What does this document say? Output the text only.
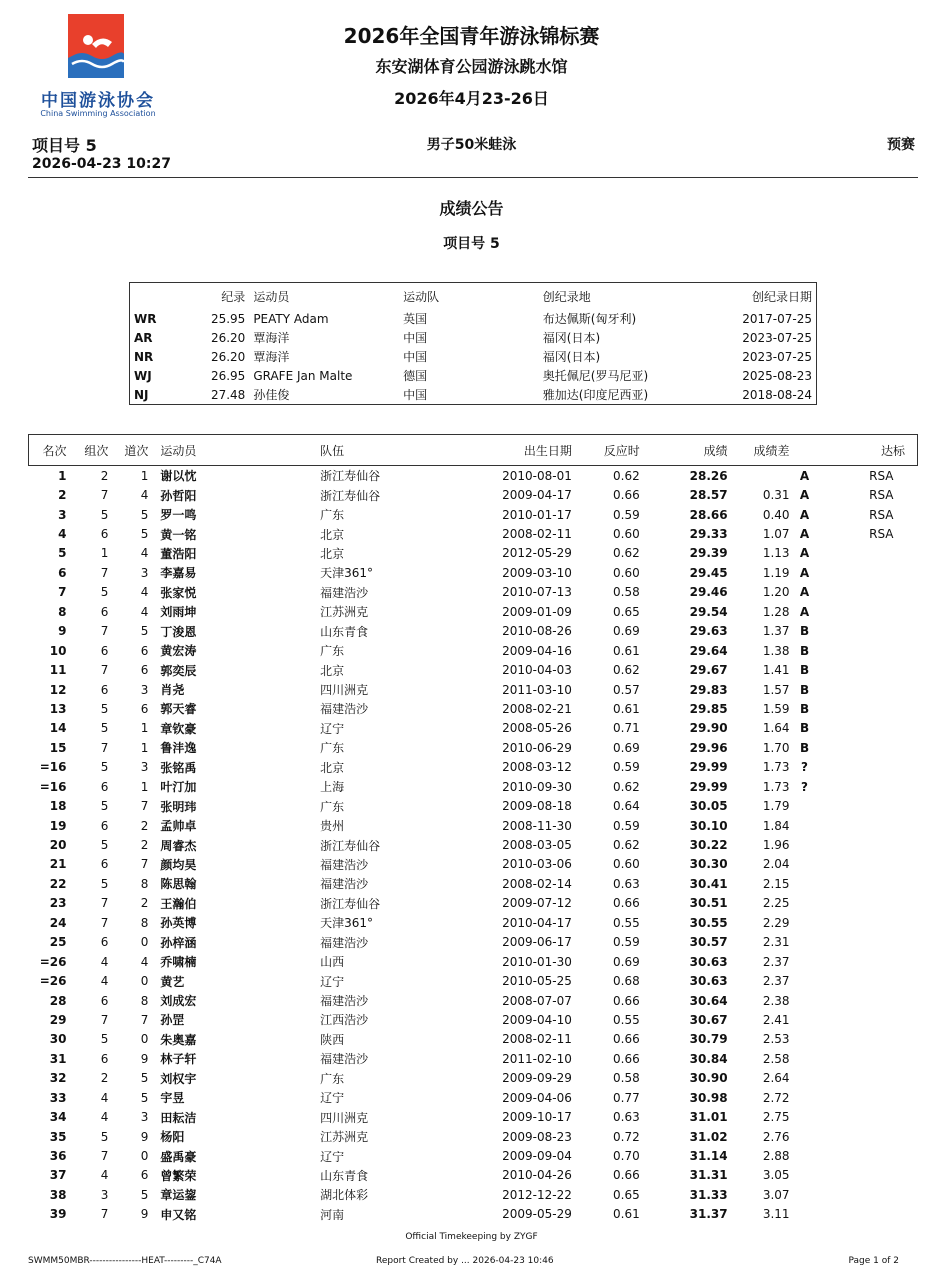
中国游泳协会
China Swimming Association
2026年全国青年游泳锦标赛
东安湖体育公园游泳跳水馆
2026年4月23-26日
项目号 5
2026-04-23 10:27
男子50米蛙泳	预赛
成绩公告
项目号 5
	纪录	运动员	运动队	创纪录地	创纪录日期
WR	25.95	PEATY Adam	英国	布达佩斯(匈牙利)	2017-07-25
AR	26.20	覃海洋	中国	福冈(日本)	2023-07-25
NR	26.20	覃海洋	中国	福冈(日本)	2023-07-25
WJ	26.95	GRAFE Jan Malte	德国	奥托佩尼(罗马尼亚)	2025-08-23
NJ	27.48	孙佳俊	中国	雅加达(印度尼西亚)	2018-08-24
名次	组次	道次	运动员	队伍	出生日期	反应时	成绩	成绩差		达标
1	2	1	谢以忱	浙江寿仙谷	2010-08-01	0.62	28.26		A	RSA
2	7	4	孙哲阳	浙江寿仙谷	2009-04-17	0.66	28.57	0.31	A	RSA
3	5	5	罗一鸣	广东	2010-01-17	0.59	28.66	0.40	A	RSA
4	6	5	黄一铭	北京	2008-02-11	0.60	29.33	1.07	A	RSA
5	1	4	董浩阳	北京	2012-05-29	0.62	29.39	1.13	A	
6	7	3	李嘉易	天津361°	2009-03-10	0.60	29.45	1.19	A	
7	5	4	张家悦	福建浩沙	2010-07-13	0.58	29.46	1.20	A	
8	6	4	刘雨坤	江苏洲克	2009-01-09	0.65	29.54	1.28	A	
9	7	5	丁浚恩	山东青食	2010-08-26	0.69	29.63	1.37	B	
10	6	6	黄宏涛	广东	2009-04-16	0.61	29.64	1.38	B	
11	7	6	郭奕辰	北京	2010-04-03	0.62	29.67	1.41	B	
12	6	3	肖尧	四川洲克	2011-03-10	0.57	29.83	1.57	B	
13	5	6	郭天睿	福建浩沙	2008-02-21	0.61	29.85	1.59	B	
14	5	1	章钦豪	辽宁	2008-05-26	0.71	29.90	1.64	B	
15	7	1	鲁沣逸	广东	2010-06-29	0.69	29.96	1.70	B	
=16	5	3	张铭禹	北京	2008-03-12	0.59	29.99	1.73	?	
=16	6	1	叶汀加	上海	2010-09-30	0.62	29.99	1.73	?	
18	5	7	张明玮	广东	2009-08-18	0.64	30.05	1.79		
19	6	2	孟帅卓	贵州	2008-11-30	0.59	30.10	1.84		
20	5	2	周睿杰	浙江寿仙谷	2008-03-05	0.62	30.22	1.96		
21	6	7	颜均昊	福建浩沙	2010-03-06	0.60	30.30	2.04		
22	5	8	陈思翰	福建浩沙	2008-02-14	0.63	30.41	2.15		
23	7	2	王瀚伯	浙江寿仙谷	2009-07-12	0.66	30.51	2.25		
24	7	8	孙英博	天津361°	2010-04-17	0.55	30.55	2.29		
25	6	0	孙梓涵	福建浩沙	2009-06-17	0.59	30.57	2.31		
=26	4	4	乔啸楠	山西	2010-01-30	0.69	30.63	2.37		
=26	4	0	黄艺	辽宁	2010-05-25	0.68	30.63	2.37		
28	6	8	刘成宏	福建浩沙	2008-07-07	0.66	30.64	2.38		
29	7	7	孙罡	江西浩沙	2009-04-10	0.55	30.67	2.41		
30	5	0	朱奥嘉	陕西	2008-02-11	0.66	30.79	2.53		
31	6	9	林子轩	福建浩沙	2011-02-10	0.66	30.84	2.58		
32	2	5	刘权宇	广东	2009-09-29	0.58	30.90	2.64		
33	4	5	宇昱	辽宁	2009-04-06	0.77	30.98	2.72		
34	4	3	田耘洁	四川洲克	2009-10-17	0.63	31.01	2.75		
35	5	9	杨阳	江苏洲克	2009-08-23	0.72	31.02	2.76		
36	7	0	盛禹豪	辽宁	2009-09-04	0.70	31.14	2.88		
37	4	6	曾繁荣	山东青食	2010-04-26	0.66	31.31	3.05		
38	3	5	章运鋆	湖北体彩	2012-12-22	0.65	31.33	3.07		
39	7	9	申又铭	河南	2009-05-29	0.61	31.37	3.11		
Official Timekeeping by ZYGF
SWMM50MBR----------------HEAT---------_C74A	Report Created by ... 2026-04-23 10:46	Page 1 of 2
